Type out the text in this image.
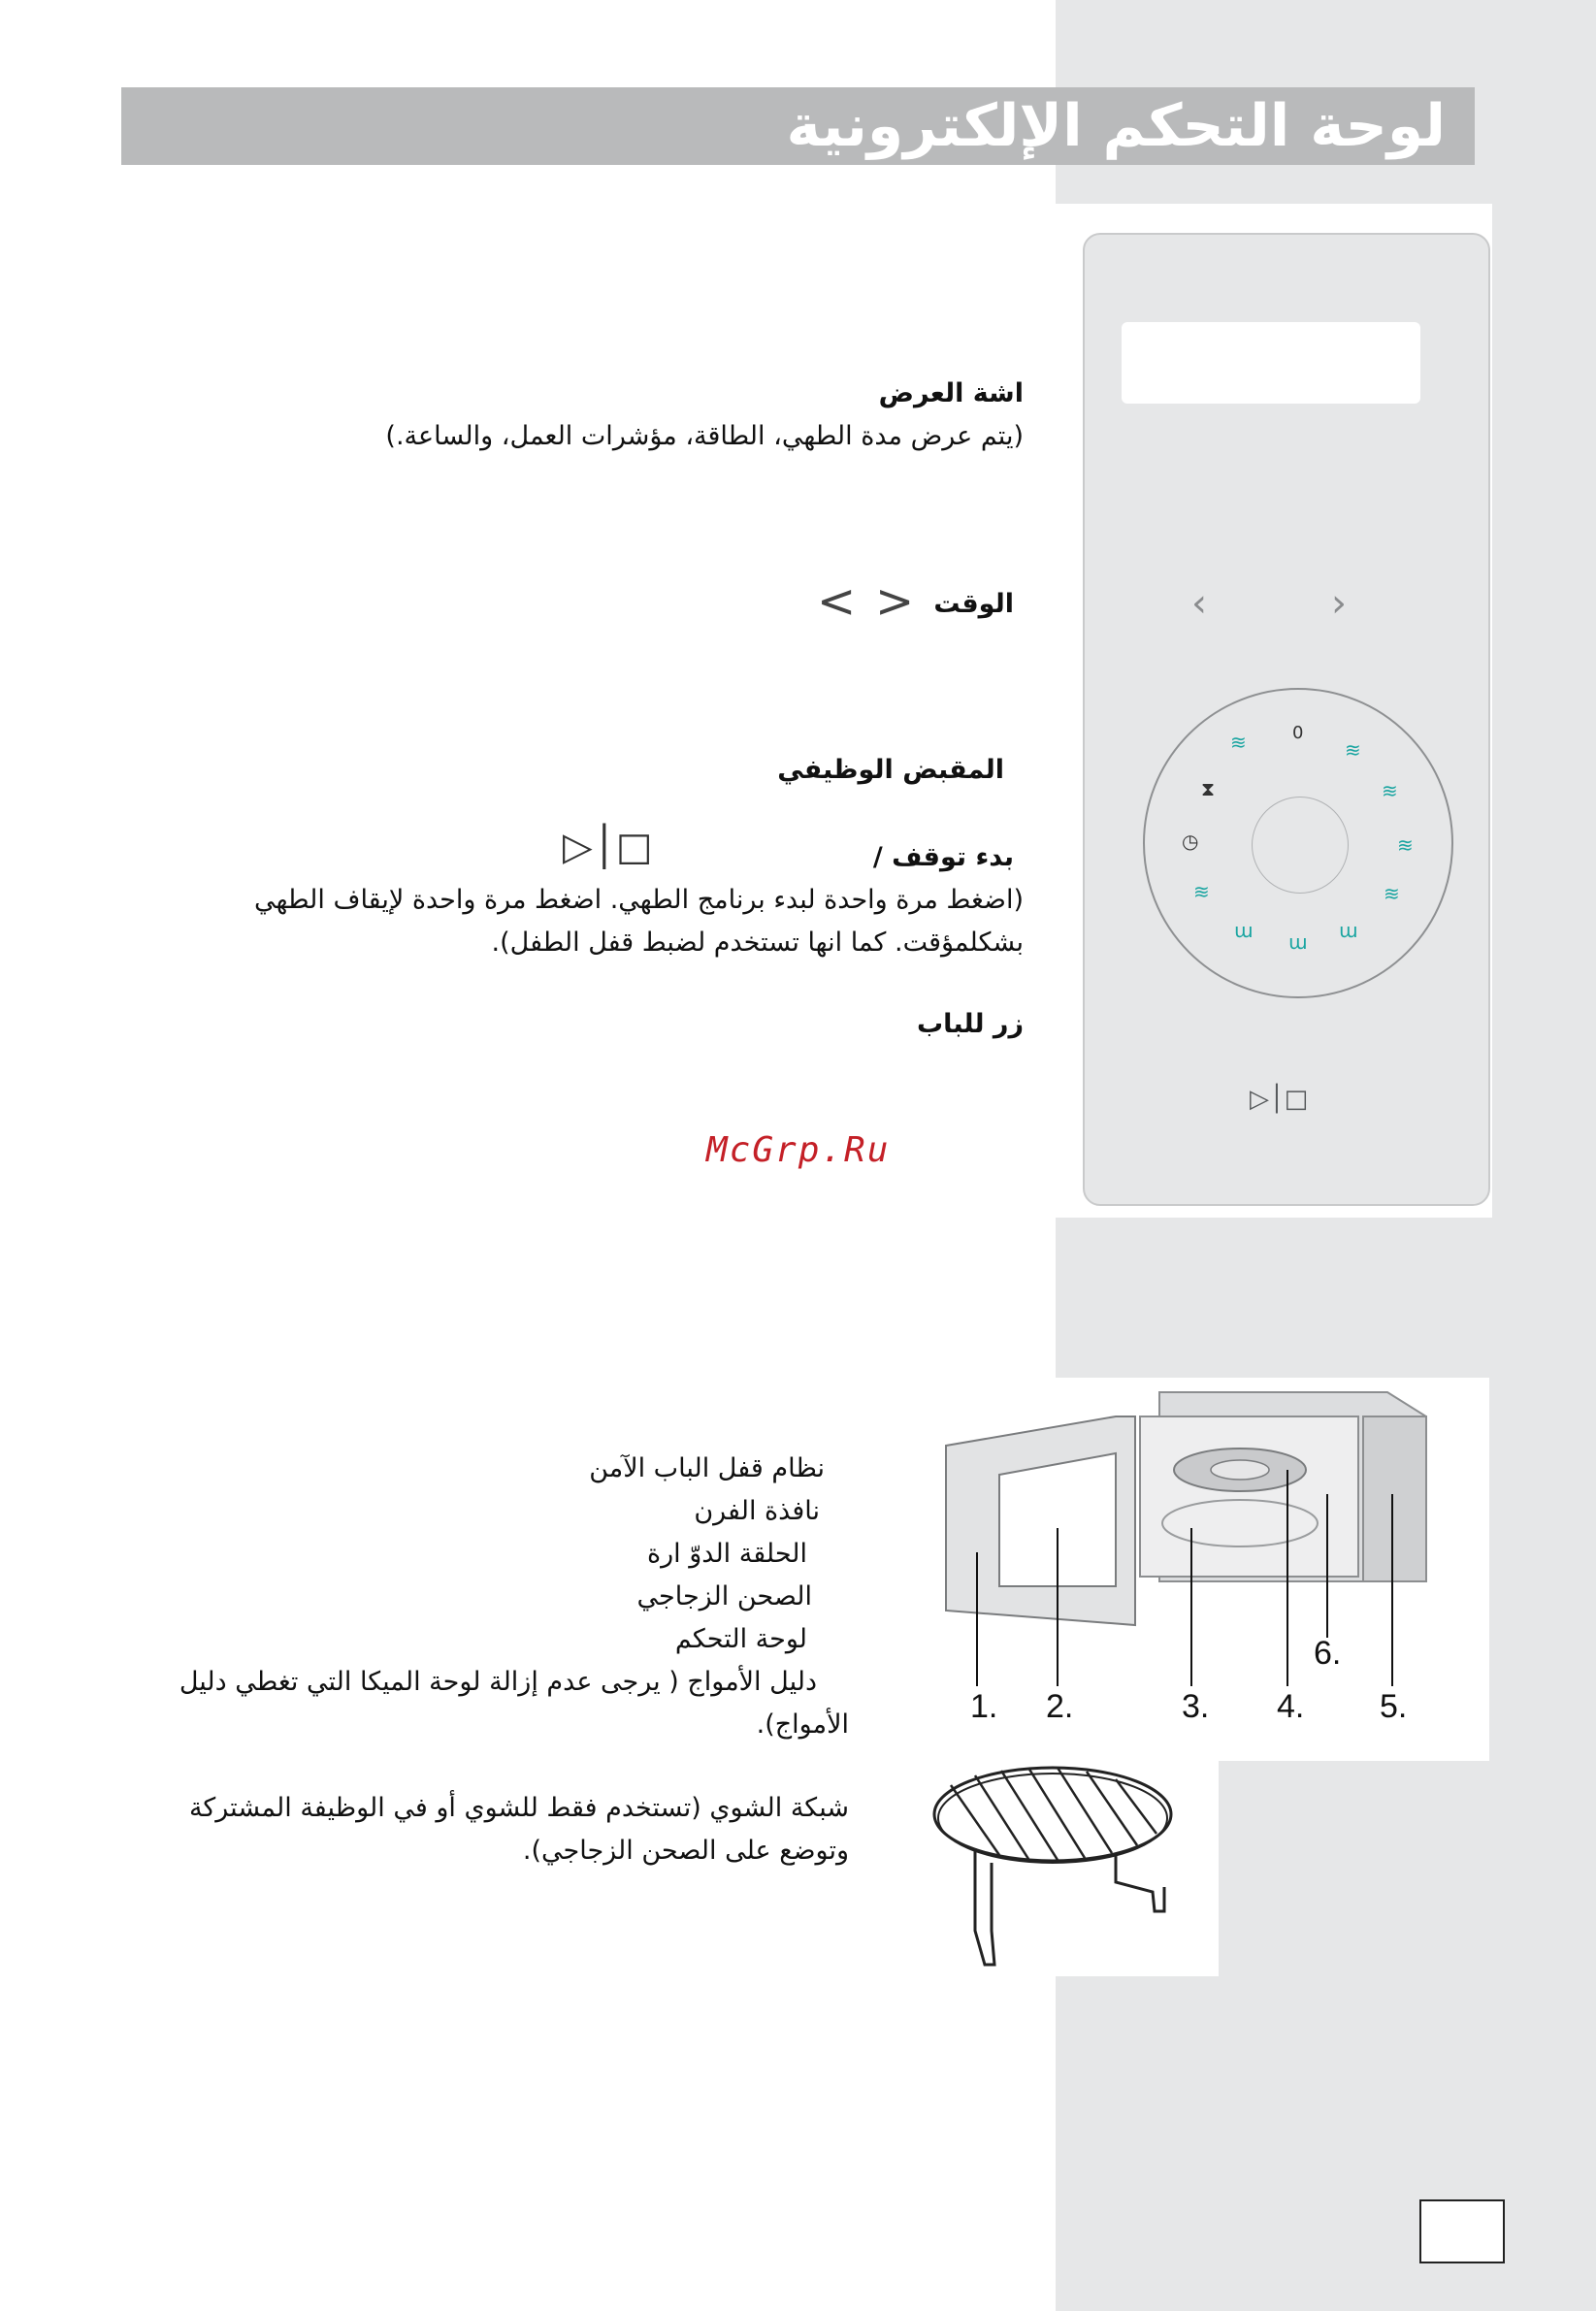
لوحة التحكم الإلكترونية
‹	›
0
≋	≋
≋
≋
≋
ɯ
ɯ
ɯ
≋
◷
⧗
▷│□
اشة العرض
(يتم عرض مدة الطهي، الطاقة، مؤشرات العمل، والساعة.)
الوقت
< >
المقبض الوظيفي
بدء توقف /
▷│□
(اضغط مرة واحدة لبدء برنامج الطهي. اضغط مرة واحدة لإيقاف الطهي
بشكلمؤقت. كما انها تستخدم لضبط قفل الطفل).
زر للباب
McGrp.Ru
نظام قفل الباب الآمن
نافذة الفرن
الحلقة الدوّ ارة
الصحن الزجاجي
لوحة التحكم
دليل الأمواج ( يرجى عدم إزالة لوحة الميكا التي تغطي دليل
الأمواج).
شبكة الشوي (تستخدم فقط للشوي أو في الوظيفة المشتركة
وتوضع على الصحن الزجاجي).
1. 2.	3. 4. 5.
6.
